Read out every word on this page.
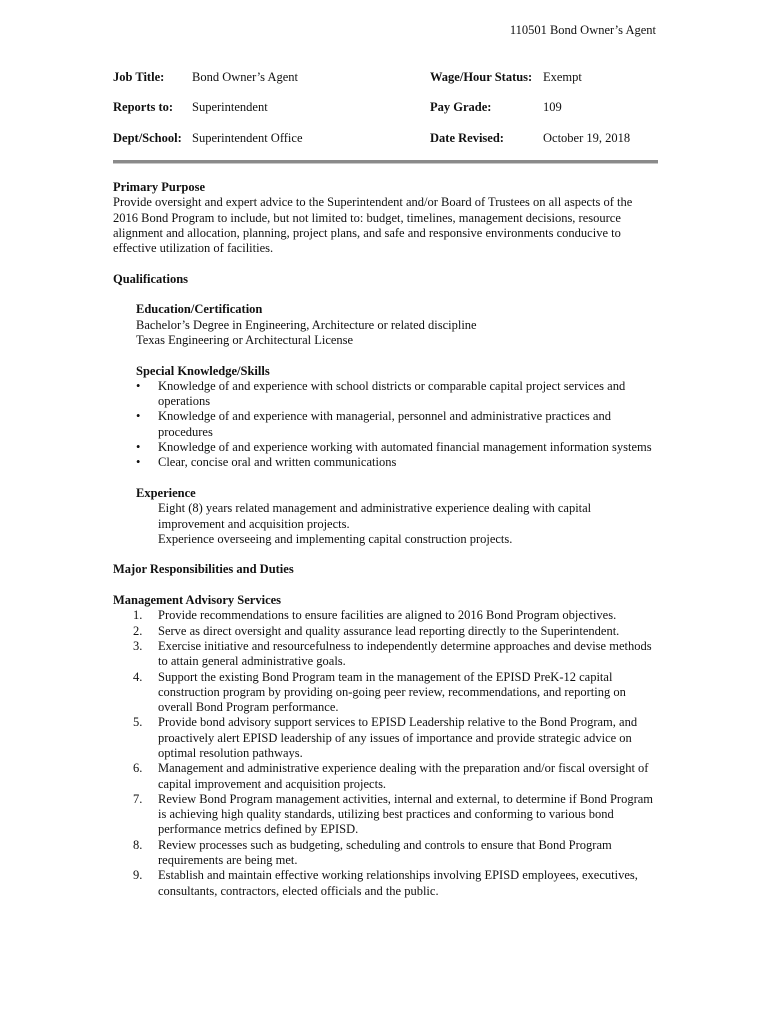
110501 Bond Owner’s Agent
Job Title: Bond Owner’s Agent	Wage/Hour Status: Exempt
Reports to: Superintendent	Pay Grade:	109
Dept/School: Superintendent Office	Date Revised:	October 19, 2018

Primary Purpose

Provide oversight and expert advice to the Superintendent and/or Board of Trustees on all aspects of the 2016 Bond Program to include, but not limited to: budget, timelines, management decisions, resource alignment and allocation, planning, project plans, and safe and responsive environments conducive to effective utilization of facilities.

Qualifications

Education/Certification

Bachelor’s Degree in Engineering, Architecture or related discipline

Texas Engineering or Architectural License

Special Knowledge/Skills

• Knowledge of and experience with school districts or comparable capital project services and operations
• Knowledge of and experience with managerial, personnel and administrative practices and procedures
• Knowledge of and experience working with automated financial management information systems
• Clear, concise oral and written communications

Experience

Eight (8) years related management and administrative experience dealing with capital improvement and acquisition projects.

Experience overseeing and implementing capital construction projects.

Major Responsibilities and Duties

Management Advisory Services

1. Provide recommendations to ensure facilities are aligned to 2016 Bond Program objectives.
2. Serve as direct oversight and quality assurance lead reporting directly to the Superintendent.
3. Exercise initiative and resourcefulness to independently determine approaches and devise methods to attain general administrative goals.
4. Support the existing Bond Program team in the management of the EPISD PreK-12 capital construction program by providing on-going peer review, recommendations, and reporting on overall Bond Program performance.
5. Provide bond advisory support services to EPISD Leadership relative to the Bond Program, and proactively alert EPISD leadership of any issues of importance and provide strategic advice on optimal resolution pathways.
6. Management and administrative experience dealing with the preparation and/or fiscal oversight of capital improvement and acquisition projects.
7. Review Bond Program management activities, internal and external, to determine if Bond Program is achieving high quality standards, utilizing best practices and conforming to various bond performance metrics defined by EPISD.
8. Review processes such as budgeting, scheduling and controls to ensure that Bond Program requirements are being met.
9. Establish and maintain effective working relationships involving EPISD employees, executives, consultants, contractors, elected officials and the public.
